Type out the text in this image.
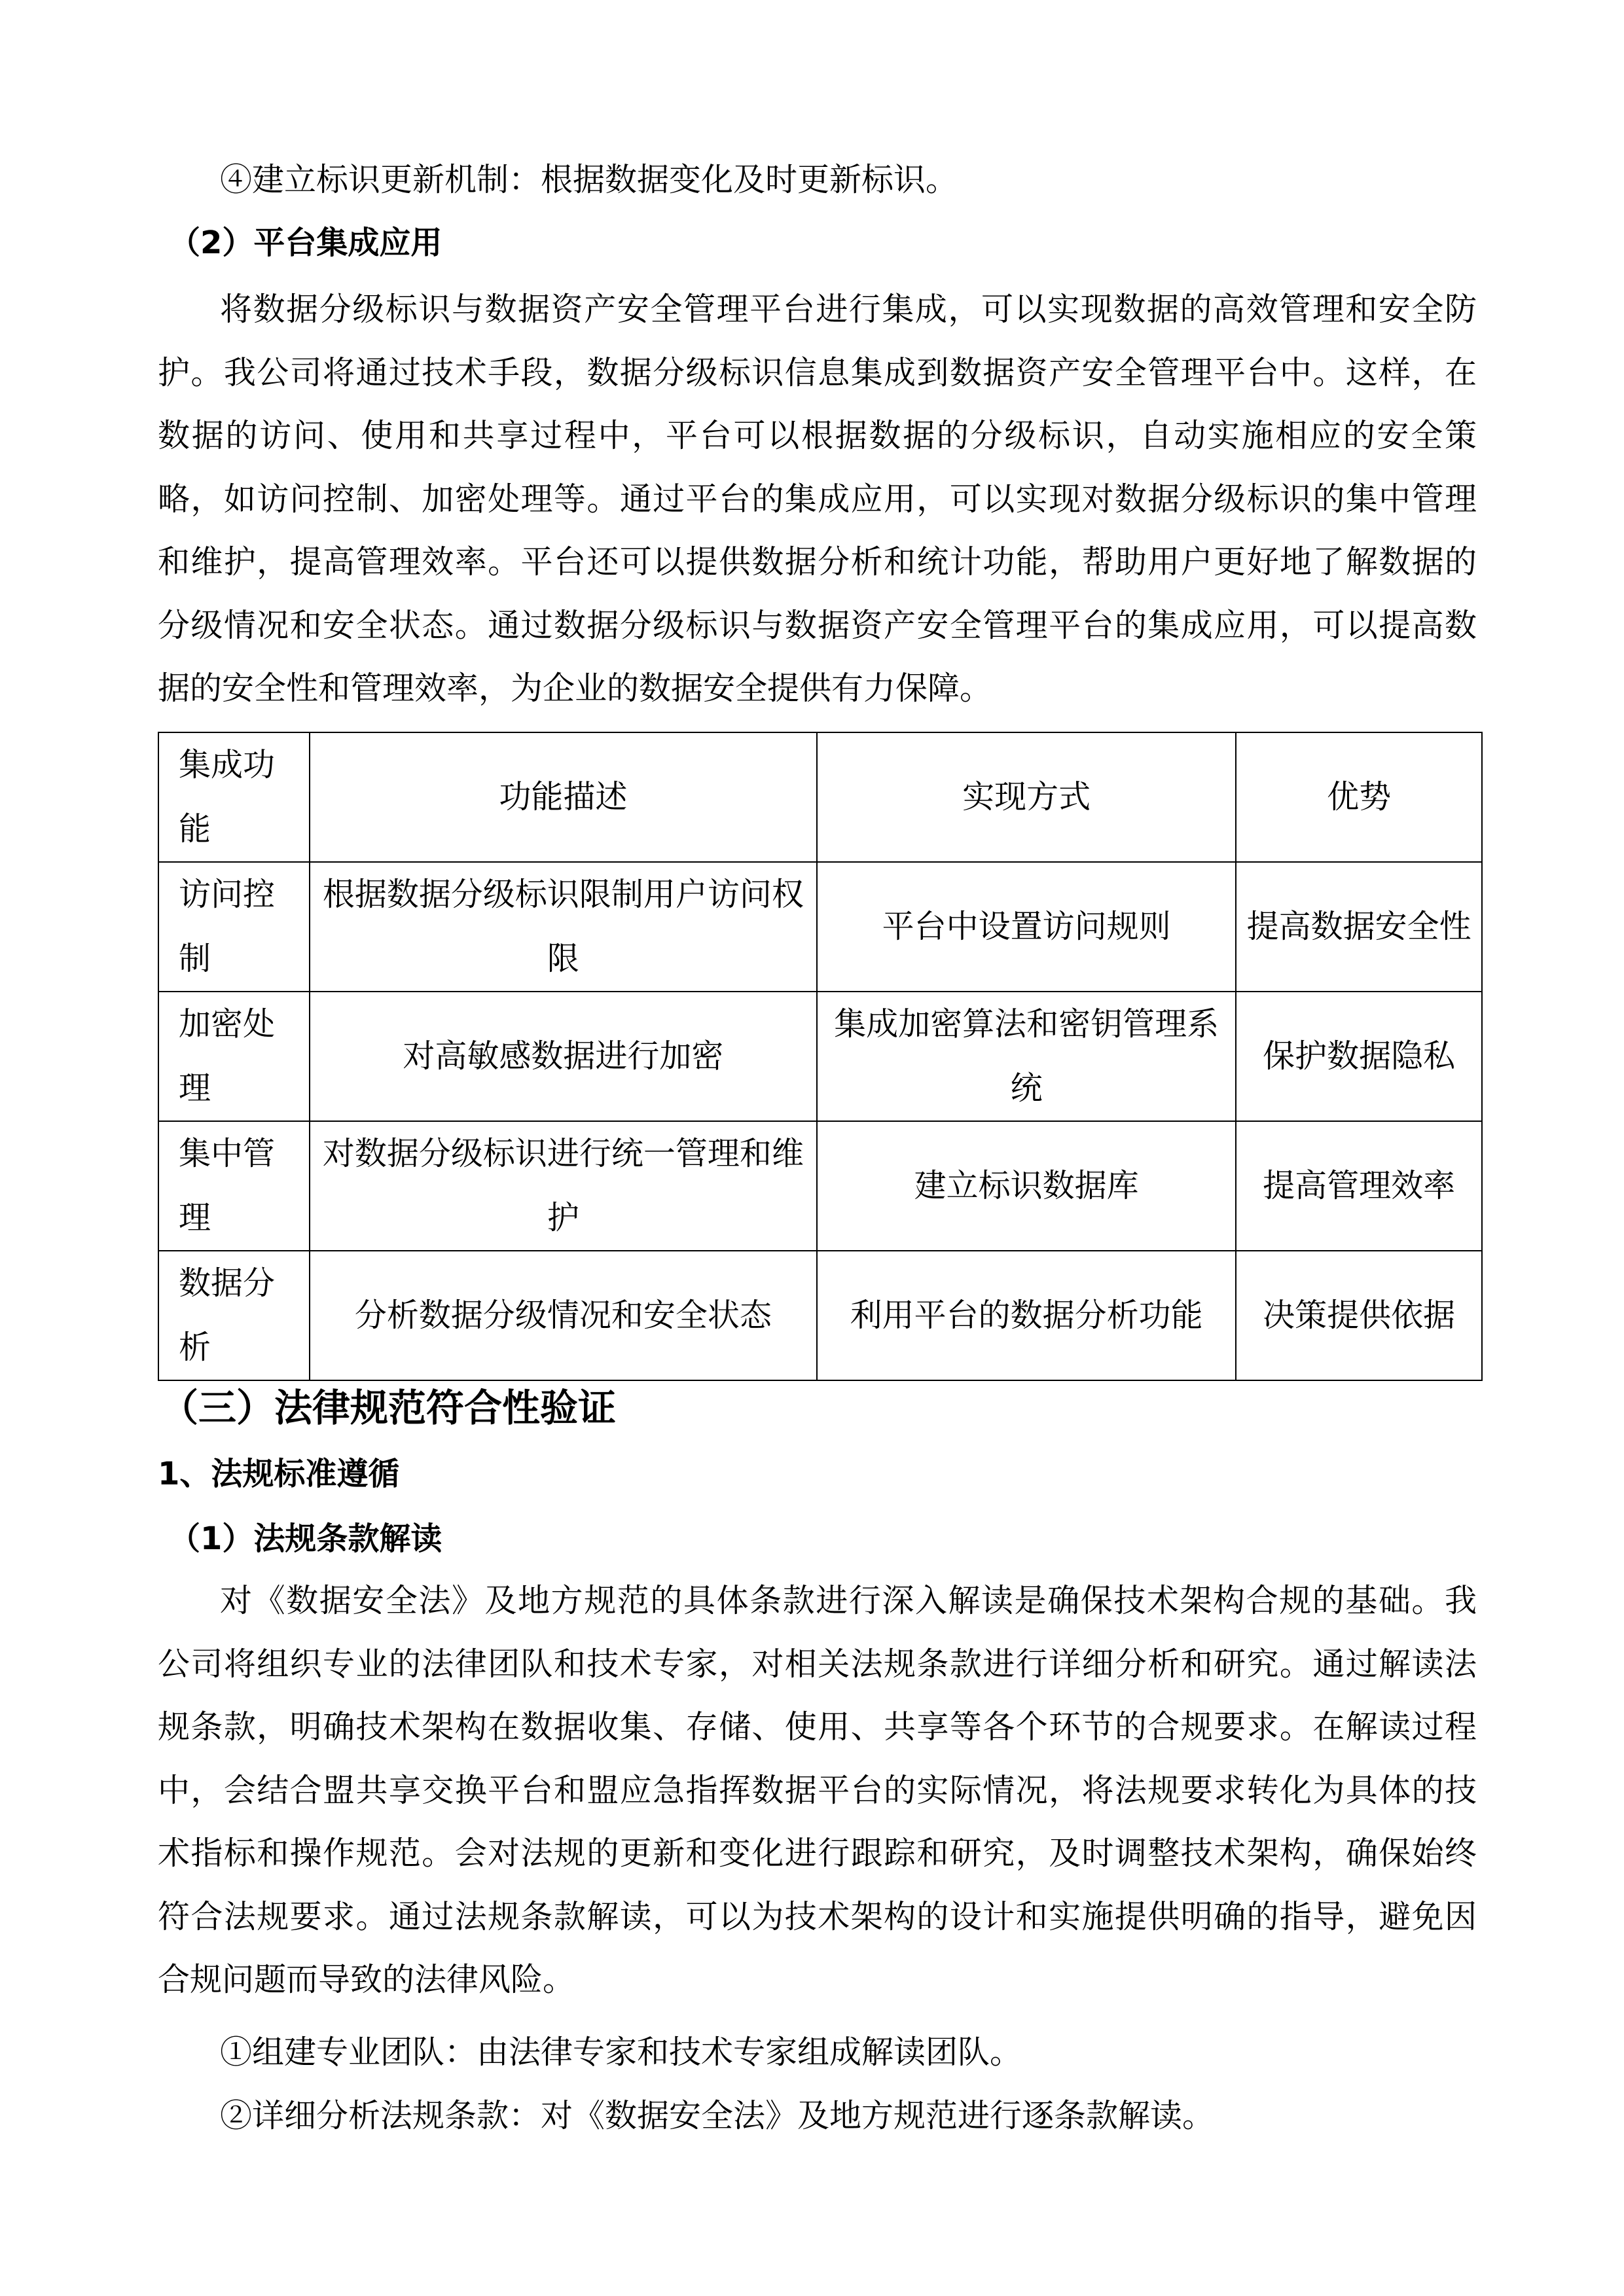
④建立标识更新机制：根据数据变化及时更新标识。
（2）平台集成应用
将数据分级标识与数据资产安全管理平台进行集成，可以实现数据的高效管理和安全防
护。我公司将通过技术手段，数据分级标识信息集成到数据资产安全管理平台中。这样，在
数据的访问、使用和共享过程中，平台可以根据数据的分级标识，自动实施相应的安全策
略，如访问控制、加密处理等。通过平台的集成应用，可以实现对数据分级标识的集中管理
和维护，提高管理效率。平台还可以提供数据分析和统计功能，帮助用户更好地了解数据的
分级情况和安全状态。通过数据分级标识与数据资产安全管理平台的集成应用，可以提高数
据的安全性和管理效率，为企业的数据安全提供有力保障。
集成功能	功能描述	实现方式	优势
访问控制	根据数据分级标识限制用户访问权限	平台中设置访问规则	提高数据安全性
加密处理	对高敏感数据进行加密	集成加密算法和密钥管理系统	保护数据隐私
集中管理	对数据分级标识进行统一管理和维护	建立标识数据库	提高管理效率
数据分析	分析数据分级情况和安全状态	利用平台的数据分析功能	决策提供依据
（三）法律规范符合性验证
1、法规标准遵循
（1）法规条款解读
对《数据安全法》及地方规范的具体条款进行深入解读是确保技术架构合规的基础。我
公司将组织专业的法律团队和技术专家，对相关法规条款进行详细分析和研究。通过解读法
规条款，明确技术架构在数据收集、存储、使用、共享等各个环节的合规要求。在解读过程
中，会结合盟共享交换平台和盟应急指挥数据平台的实际情况，将法规要求转化为具体的技
术指标和操作规范。会对法规的更新和变化进行跟踪和研究，及时调整技术架构，确保始终
符合法规要求。通过法规条款解读，可以为技术架构的设计和实施提供明确的指导，避免因
合规问题而导致的法律风险。
①组建专业团队：由法律专家和技术专家组成解读团队。
②详细分析法规条款：对《数据安全法》及地方规范进行逐条款解读。
